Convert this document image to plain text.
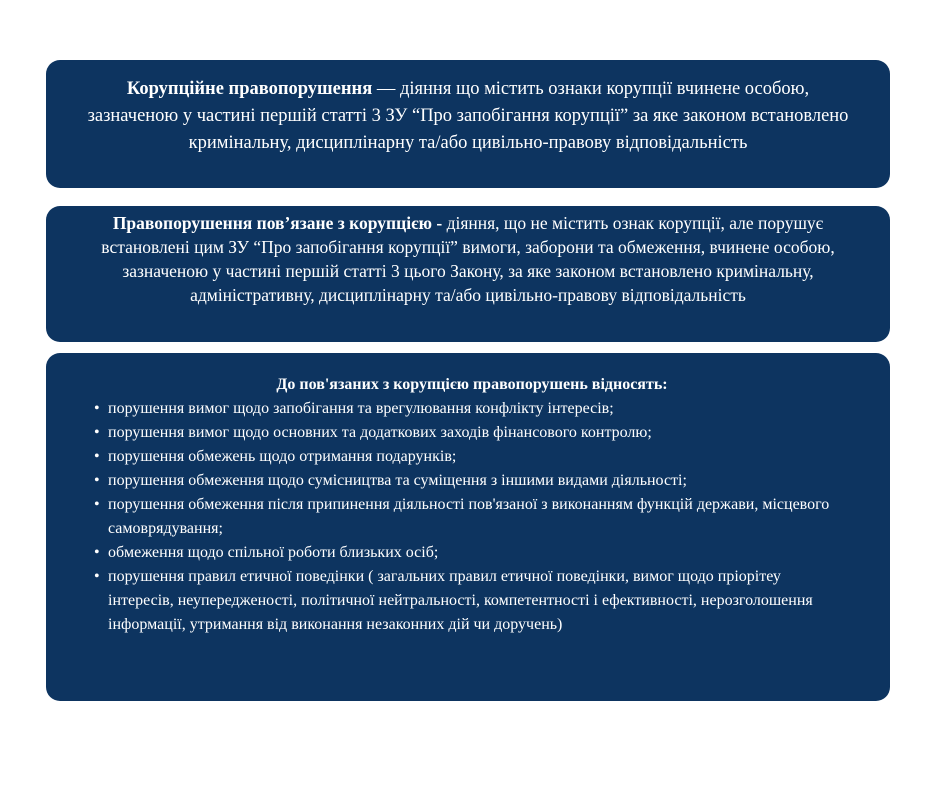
Корупційне правопорушення — діяння що містить ознаки корупції вчинене особою, зазначеною у частині першій статті 3 ЗУ “Про запобігання корупції” за яке законом встановлено кримінальну, дисциплінарну та/або цивільно-правову відповідальність
Правопорушення пов’язане з корупцією - діяння, що не містить ознак корупції, але порушує встановлені цим ЗУ “Про запобігання корупції” вимоги, заборони та обмеження, вчинене особою, зазначеною у частині першій статті 3 цього Закону, за яке законом встановлено кримінальну, адміністративну, дисциплінарну та/або цивільно-правову відповідальність
До пов'язаних з корупцією правопорушень відносять:
• порушення вимог щодо запобігання та врегулювання конфлікту інтересів;
• порушення вимог щодо основних та додаткових заходів фінансового контролю;
• порушення обмежень щодо отримання подарунків;
• порушення обмеження щодо сумісництва та суміщення з іншими видами діяльності;
• порушення обмеження після припинення діяльності пов'язаної з виконанням функцій держави, місцевого самоврядування;
• обмеження щодо спільної роботи близьких осіб;
• порушення правил етичної поведінки ( загальних правил етичної поведінки, вимог щодо пріорітеу інтересів, неупередженості, політичної нейтральності, компетентності і ефективності, нерозголошення інформації, утримання від виконання незаконних дій чи доручень)
